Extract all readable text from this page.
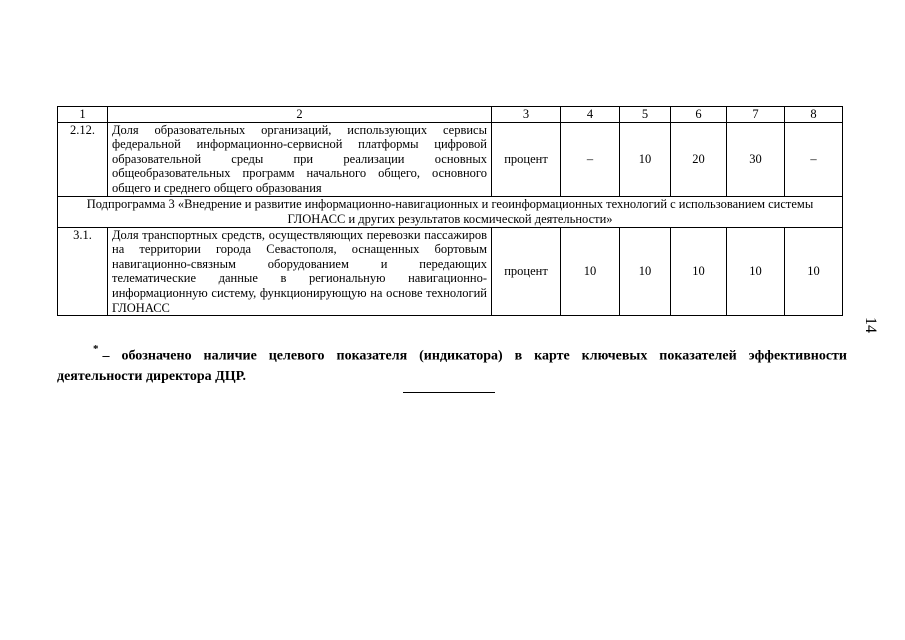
1	2	3	4	5	6	7	8
2.12.	Доля образовательных организаций, использующих сервисы федеральной информационно-сервисной платформы цифровой образовательной среды при реализации основных общеобразовательных программ начального общего, основного общего и среднего общего образования	процент	–	10	20	30	–
Подпрограмма 3 «Внедрение и развитие информационно-навигационных и геоинформационных технологий с использованием системы ГЛОНАСС и других результатов космической деятельности»							
3.1.	Доля транспортных средств, осуществляющих перевозки пассажиров на территории города Севастополя, оснащенных бортовым навигационно-связным оборудованием и передающих телематические данные в региональную навигационно-информационную систему, функционирующую на основе технологий ГЛОНАСС	процент	10	10	10	10	10
* – обозначено наличие целевого показателя (индикатора) в карте ключевых показателей эффективности деятельности директора ДЦР.
14
